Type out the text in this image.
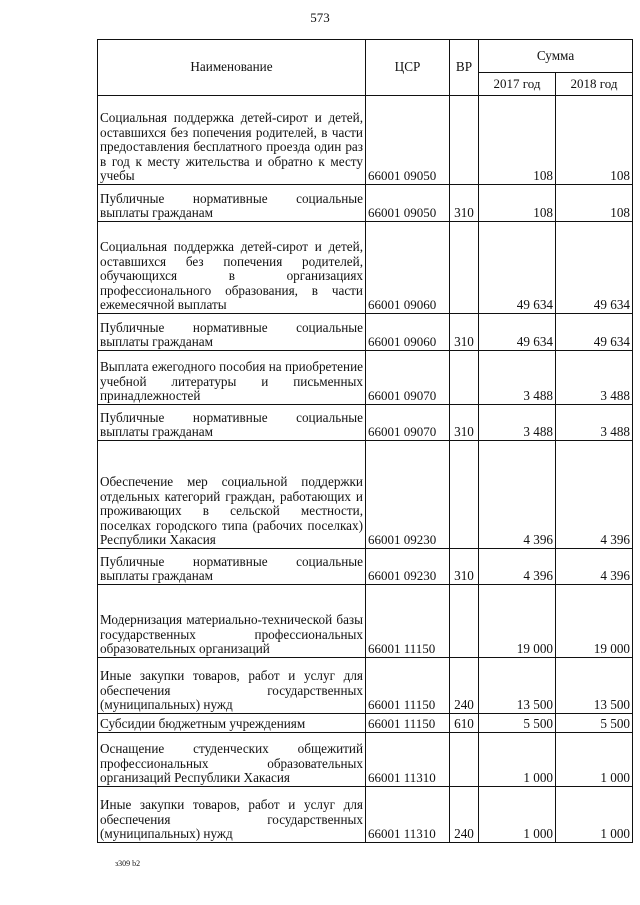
573
Наименование	ЦСР	ВР	Сумма	
			2017 год	2018 год
Социальная поддержка детей-сирот и детей, оставшихся без попечения родителей, в части предоставления бесплатного проезда один раз в год к месту жительства и обратно к месту учебы	66001 09050		108	108
Публичные нормативные социальные выплаты гражданам	66001 09050	310	108	108
Социальная поддержка детей-сирот и детей, оставшихся без попечения родителей, обучающихся в организациях профессионального образования, в части ежемесячной выплаты	66001 09060		49 634	49 634
Публичные нормативные социальные выплаты гражданам	66001 09060	310	49 634	49 634
Выплата ежегодного пособия на приобретение учебной литературы и письменных принадлежностей	66001 09070		3 488	3 488
Публичные нормативные социальные выплаты гражданам	66001 09070	310	3 488	3 488
Обеспечение мер социальной поддержки отдельных категорий граждан, работающих и проживающих в сельской местности, поселках городского типа (рабочих поселках) Республики Хакасия	66001 09230		4 396	4 396
Публичные нормативные социальные выплаты гражданам	66001 09230	310	4 396	4 396
Модернизация материально-технической базы государственных профессиональных образовательных организаций	66001 11150		19 000	19 000
Иные закупки товаров, работ и услуг для обеспечения государственных (муниципальных) нужд	66001 11150	240	13 500	13 500
Субсидии бюджетным учреждениям	66001 11150	610	5 500	5 500
Оснащение студенческих общежитий профессиональных образовательных организаций Республики Хакасия	66001 11310		1 000	1 000
Иные закупки товаров, работ и услуг для обеспечения государственных (муниципальных) нужд	66001 11310	240	1 000	1 000
з309 b2
